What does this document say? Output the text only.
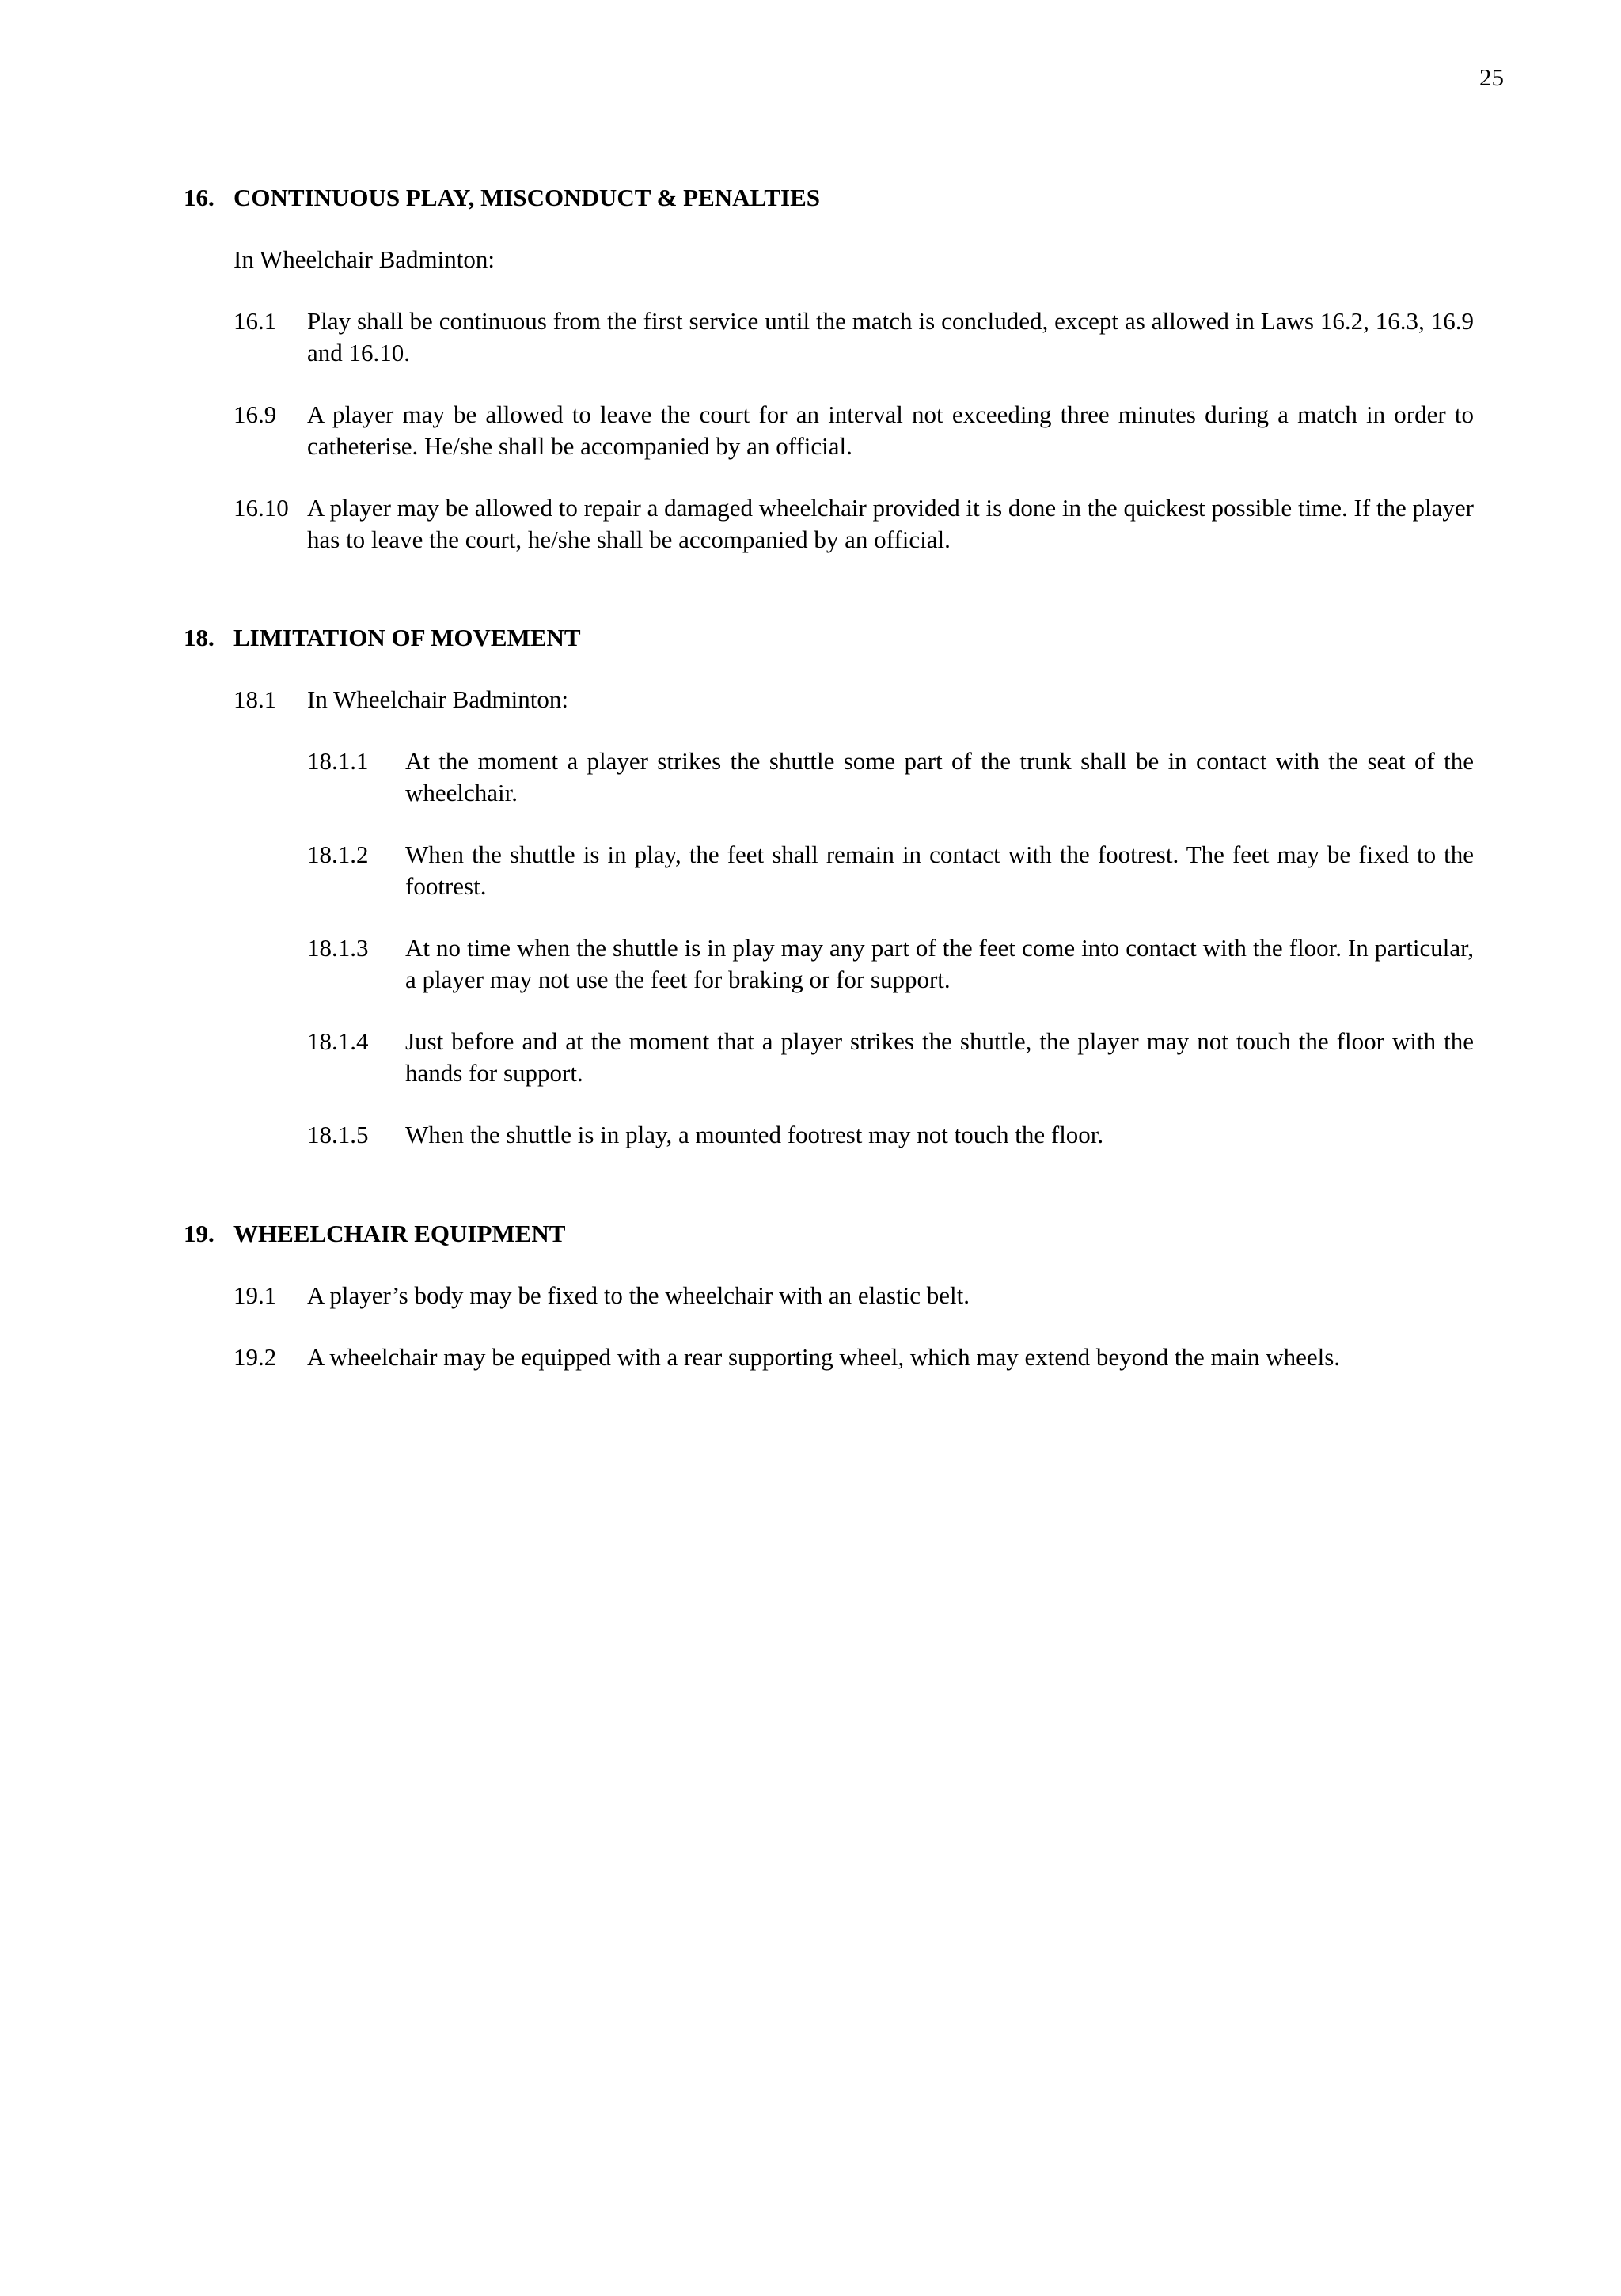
25
16. CONTINUOUS PLAY, MISCONDUCT & PENALTIES
In Wheelchair Badminton:
16.1	Play shall be continuous from the first service until the match is concluded, except as allowed in Laws 16.2, 16.3, 16.9 and 16.10.
16.9	A player may be allowed to leave the court for an interval not exceeding three minutes during a match in order to catheterise. He/she shall be accompanied by an official.
16.10 A player may be allowed to repair a damaged wheelchair provided it is done in the quickest possible time. If the player has to leave the court, he/she shall be accompanied by an official.
18. LIMITATION OF MOVEMENT
18.1	In Wheelchair Badminton:
18.1.1	At the moment a player strikes the shuttle some part of the trunk shall be in contact with the seat of the wheelchair.
18.1.2	When the shuttle is in play, the feet shall remain in contact with the footrest. The feet may be fixed to the footrest.
18.1.3	At no time when the shuttle is in play may any part of the feet come into contact with the floor. In particular, a player may not use the feet for braking or for support.
18.1.4	Just before and at the moment that a player strikes the shuttle, the player may not touch the floor with the hands for support.
18.1.5	When the shuttle is in play, a mounted footrest may not touch the floor.
19. WHEELCHAIR EQUIPMENT
19.1	A player’s body may be fixed to the wheelchair with an elastic belt.
19.2	A wheelchair may be equipped with a rear supporting wheel, which may extend beyond the main wheels.
